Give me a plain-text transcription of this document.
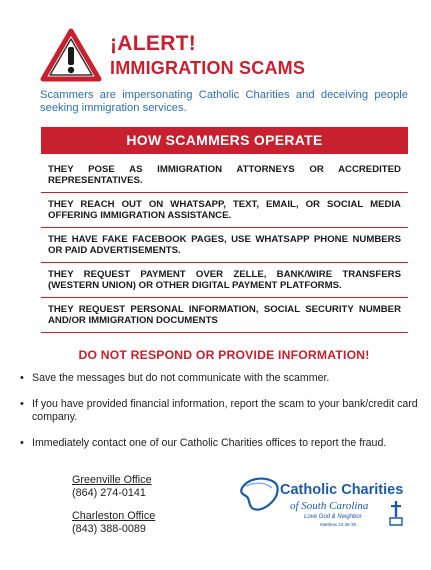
¡ALERT!
IMMIGRATION SCAMS

Scammers are impersonating Catholic Charities and deceiving people seeking immigration services.

HOW SCAMMERS OPERATE
THEY POSE AS IMMIGRATION ATTORNEYS OR ACCREDITED REPRESENTATIVES.
THEY REACH OUT ON WHATSAPP, TEXT, EMAIL, OR SOCIAL MEDIA OFFERING IMMIGRATION ASSISTANCE.
THE HAVE FAKE FACEBOOK PAGES, USE WHATSAPP PHONE NUMBERS OR PAID ADVERTISEMENTS.
THEY REQUEST PAYMENT OVER ZELLE, BANK/WIRE TRANSFERS (WESTERN UNION) OR OTHER DIGITAL PAYMENT PLATFORMS.
THEY REQUEST PERSONAL INFORMATION, SOCIAL SECURITY NUMBER AND/OR IMMIGRATION DOCUMENTS
DO NOT RESPOND OR PROVIDE INFORMATION!
• Save the messages but do not communicate with the scammer.
• If you have provided financial information, report the scam to your bank/credit card company.
• Immediately contact one of our Catholic Charities offices to report the fraud.
Greenville Office
(864) 274-0141
Charleston Office
(843) 388-0089
Catholic Charities
of South Carolina
Love God & Neighbor
Matthew 22:36-39
